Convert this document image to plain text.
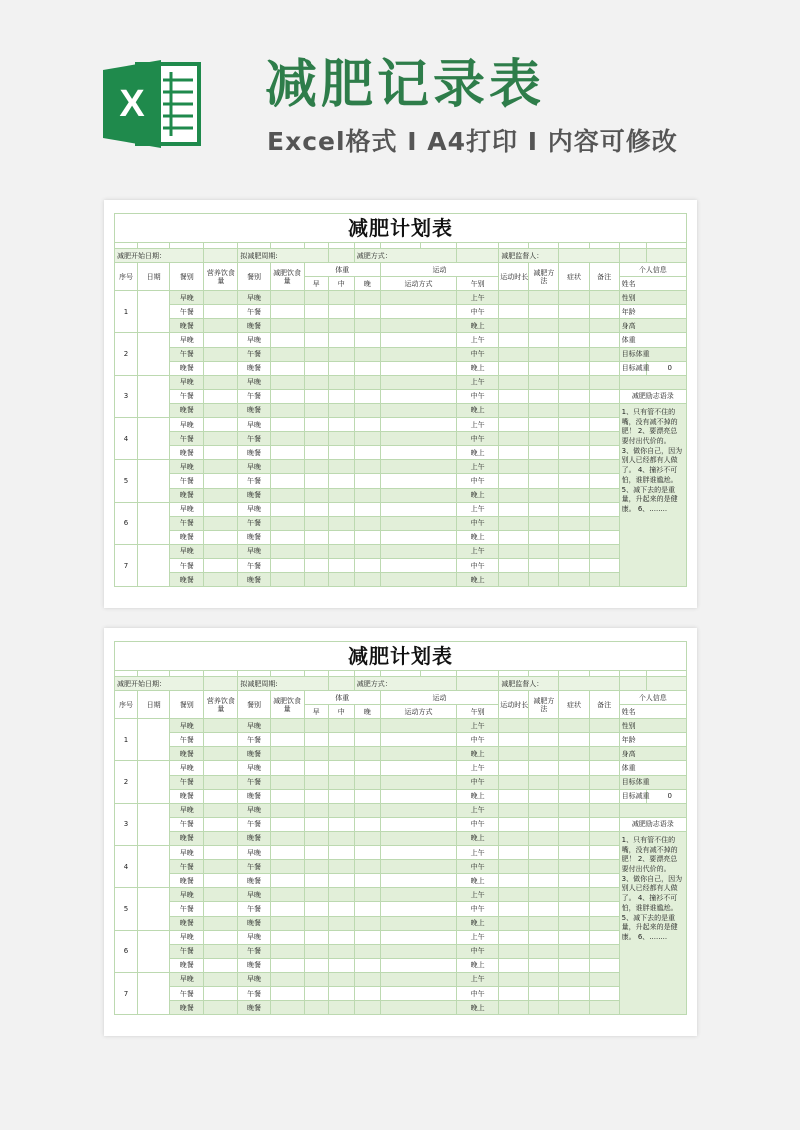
X 减肥记录表
Excel格式 I A4打印 I 内容可修改
减肥计划表																	

减肥开始日期：				拟减肥周期:				减肥方式：				减肥监督人：					
序号	日期	餐别	营养饮食量	餐别	减肥饮食量	体重			运动			运动时长	减肥方法	症状	备注	个人信息	
						早	中	晚	运动方式		午别					姓名	
1		早晚		早晚							上午					性别	
		午餐		午餐							中午					年龄	
		晚餐		晚餐							晚上					身高	
2		早晚		早晚							上午					体重	
		午餐		午餐							中午					目标体重	
		晚餐		晚餐							晚上					目标减重	0
3		早晚		早晚							上午						
		午餐		午餐							中午					减肥励志语录	
		晚餐		晚餐							晚上					1、只有管不住的嘴，没有减不掉的肥！ 2、要漂亮总要付出代价的。 3、做你自己，因为别人已经都有人做了。 4、撞衫不可怕，谁胖谁尴尬。 5、减下去的是重量，升起来的是健康。 6、........	
4		早晚		早晚							上午						
		午餐		午餐							中午						
		晚餐		晚餐							晚上						
5		早晚		早晚							上午						
		午餐		午餐							中午						
		晚餐		晚餐							晚上						
6		早晚		早晚							上午						
		午餐		午餐							中午						
		晚餐		晚餐							晚上						
7		早晚		早晚							上午						
		午餐		午餐							中午						
		晚餐		晚餐							晚上						
减肥计划表																	

减肥开始日期：				拟减肥周期:				减肥方式：				减肥监督人：					
序号	日期	餐别	营养饮食量	餐别	减肥饮食量	体重			运动			运动时长	减肥方法	症状	备注	个人信息	
						早	中	晚	运动方式		午别					姓名	
1		早晚		早晚							上午					性别	
		午餐		午餐							中午					年龄	
		晚餐		晚餐							晚上					身高	
2		早晚		早晚							上午					体重	
		午餐		午餐							中午					目标体重	
		晚餐		晚餐							晚上					目标减重	0
3		早晚		早晚							上午						
		午餐		午餐							中午					减肥励志语录	
		晚餐		晚餐							晚上					1、只有管不住的嘴，没有减不掉的肥！ 2、要漂亮总要付出代价的。 3、做你自己，因为别人已经都有人做了。 4、撞衫不可怕，谁胖谁尴尬。 5、减下去的是重量，升起来的是健康。 6、........	
4		早晚		早晚							上午						
		午餐		午餐							中午						
		晚餐		晚餐							晚上						
5		早晚		早晚							上午						
		午餐		午餐							中午						
		晚餐		晚餐							晚上						
6		早晚		早晚							上午						
		午餐		午餐							中午						
		晚餐		晚餐							晚上						
7		早晚		早晚							上午						
		午餐		午餐							中午						
		晚餐		晚餐							晚上						
